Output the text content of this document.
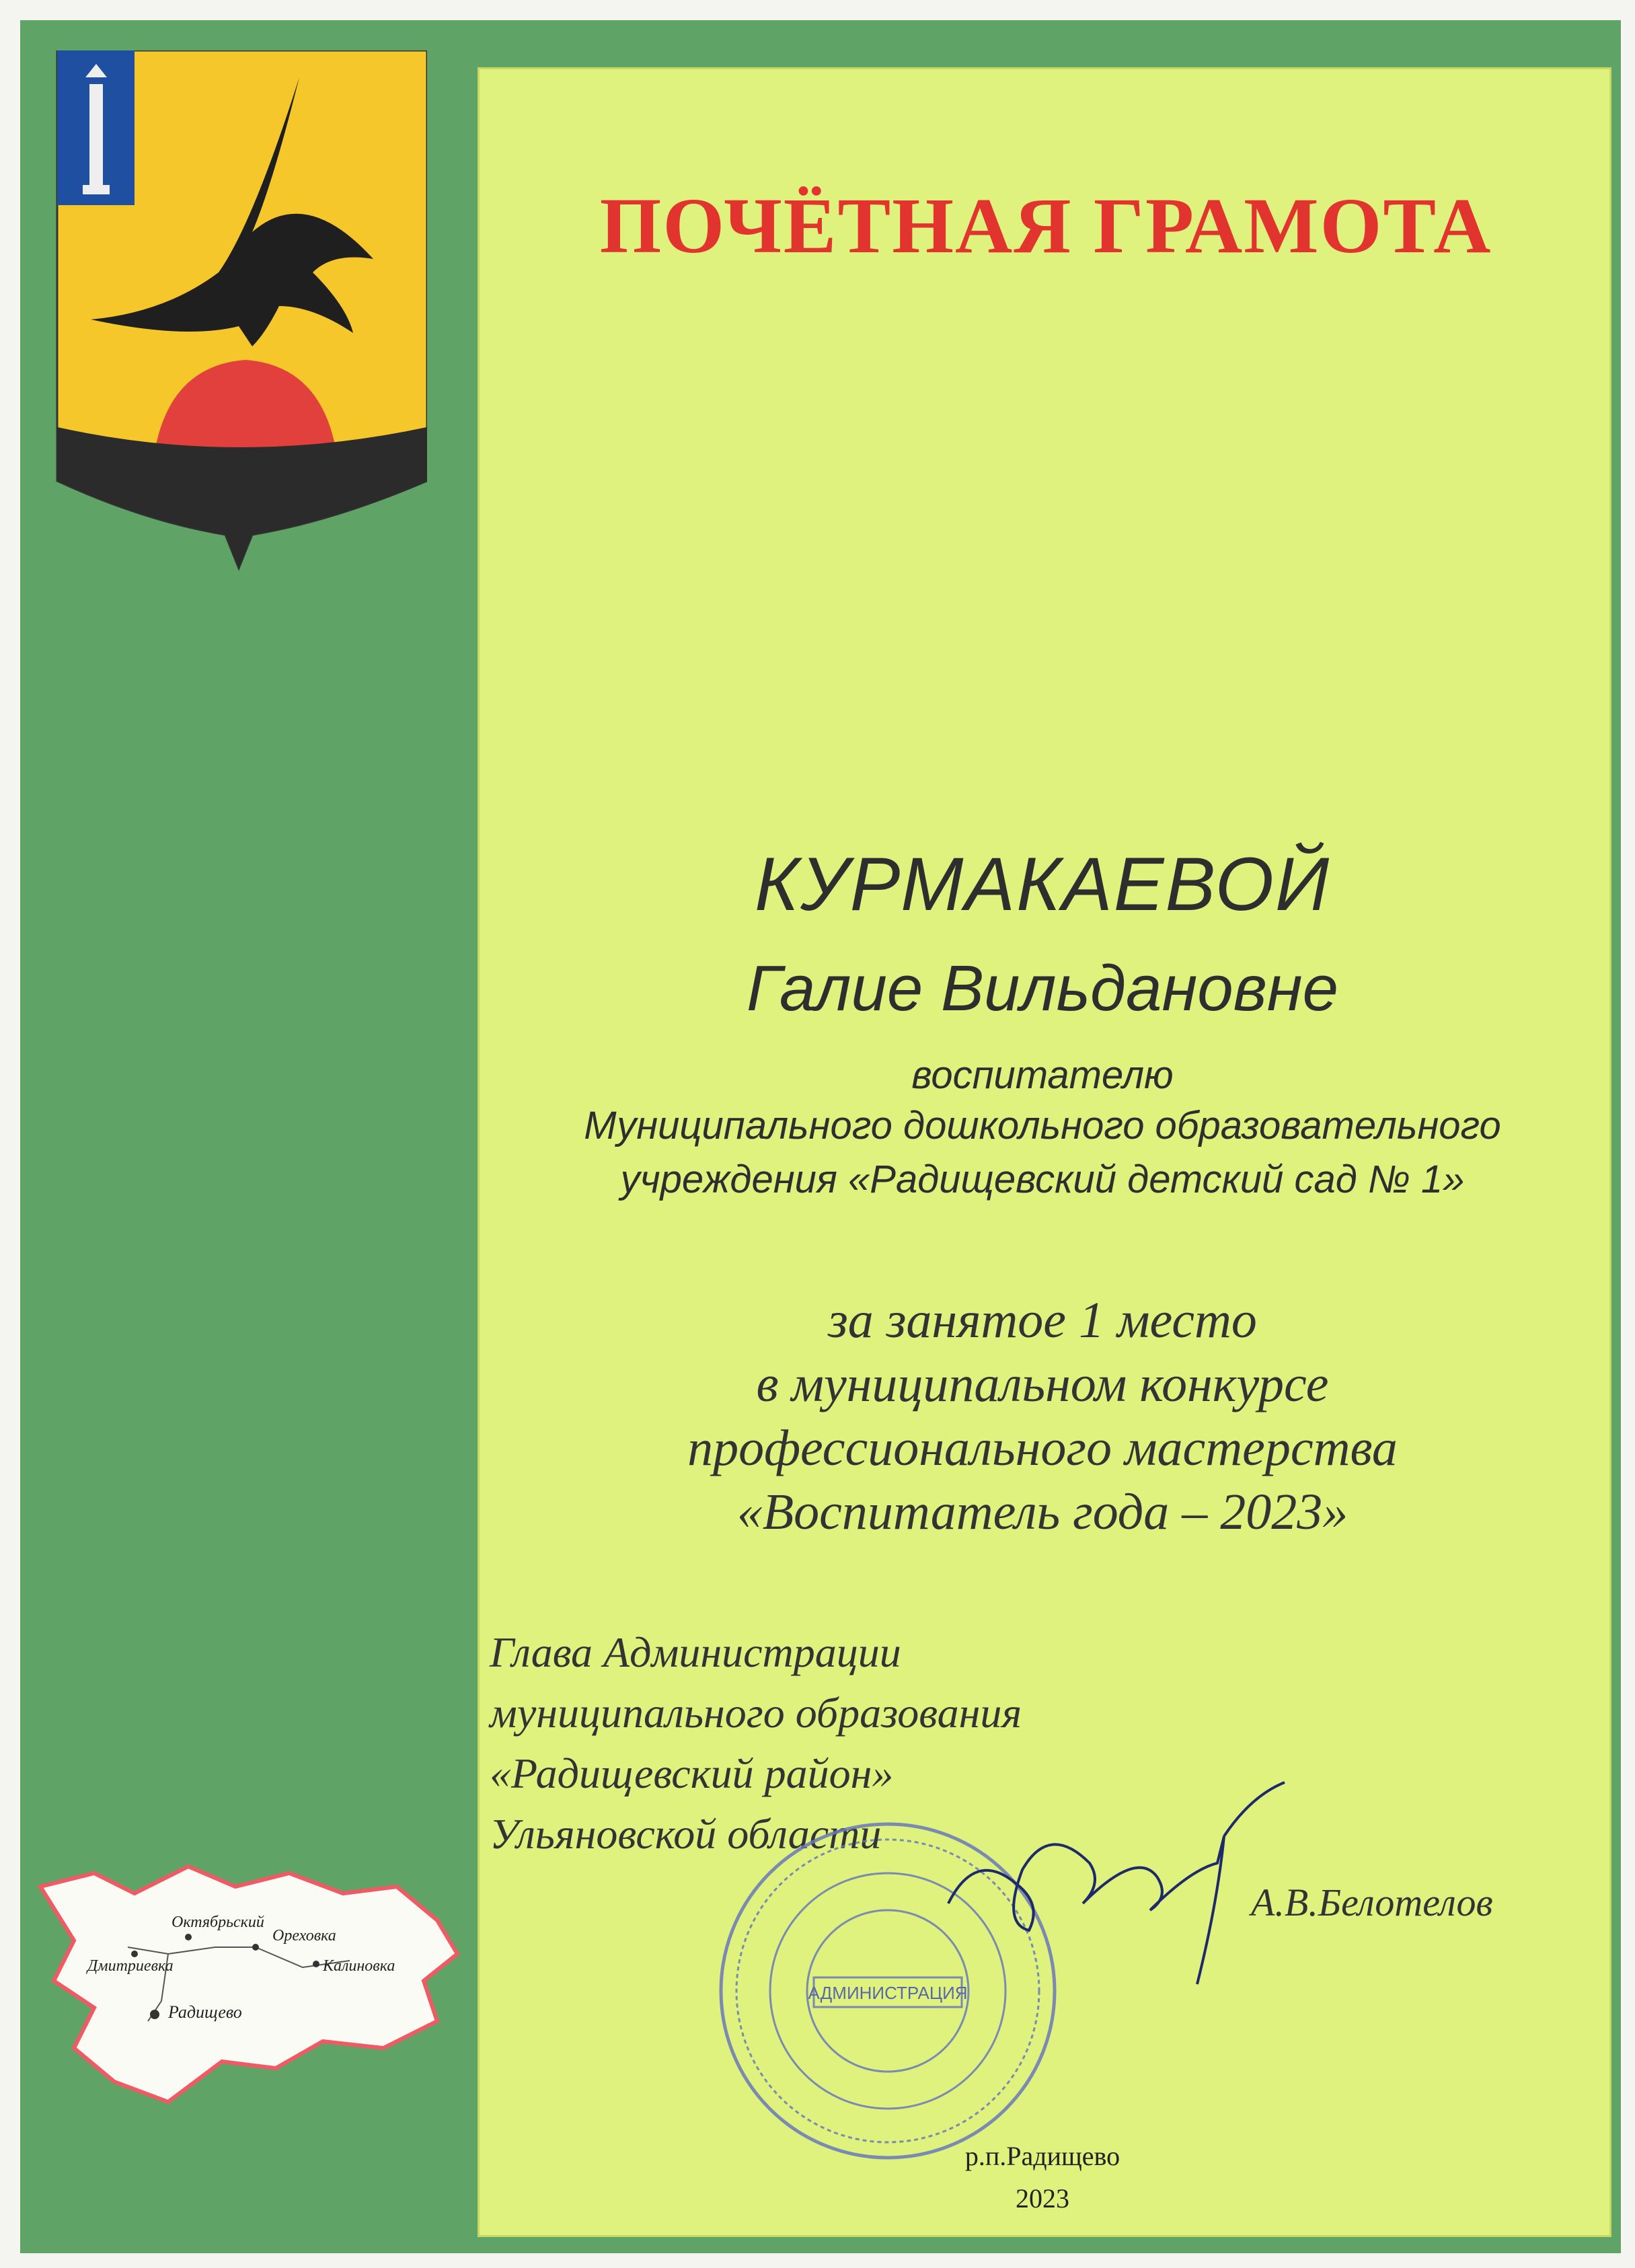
ПОЧЁТНАЯ ГРАМОТА
КУРМАКАЕВОЙ
Галие Вильдановне
воспитателю
Муниципального дошкольного образовательного
учреждения «Радищевский детский сад № 1»
за занятое 1 место
в муниципальном конкурсе
профессионального мастерства
«Воспитатель года – 2023»
Глава Администрации
муниципального образования
«Радищевский район»
Ульяновской области
А.В.Белотелов
Октябрьский
Ореховка
Дмитриевка	Калиновка
Радищево
АДМИНИСТРАЦИЯ
р.п.Радищево
2023
